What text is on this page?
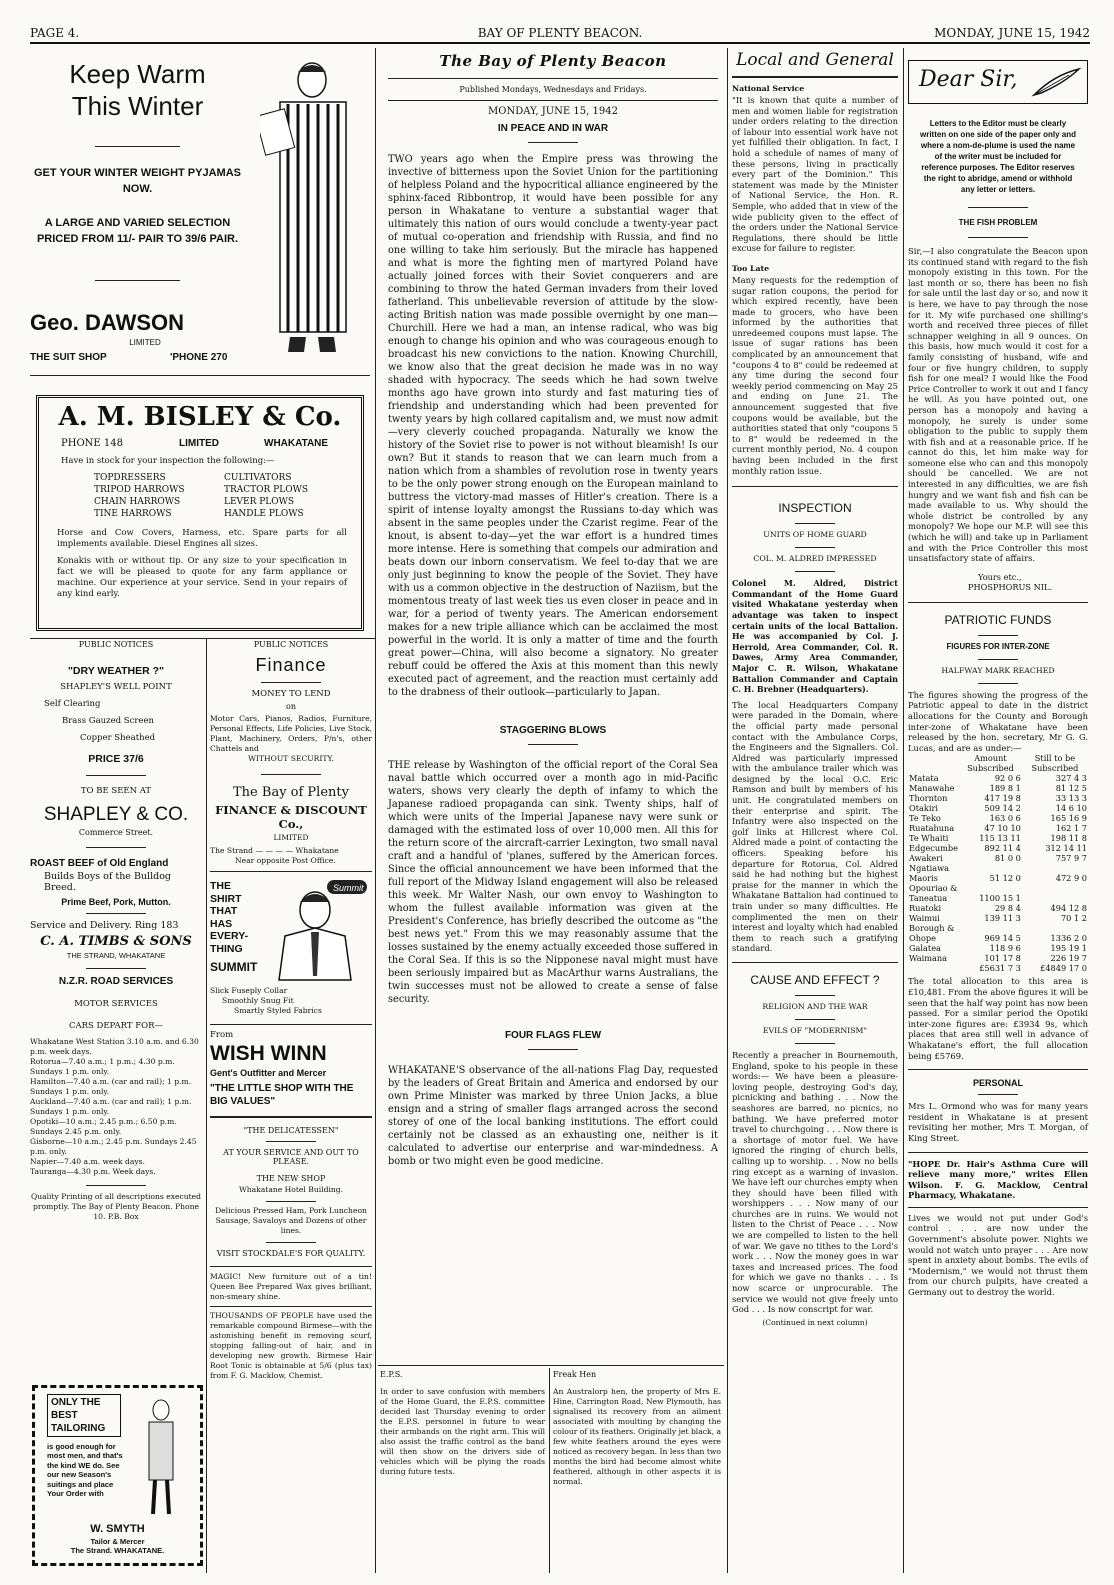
PAGE 4.	BAY OF PLENTY BEACON.	MONDAY, JUNE 15, 1942
Keep Warm
This Winter
GET YOUR WINTER WEIGHT PYJAMAS NOW.
A LARGE AND VARIED SELECTION PRICED FROM 11/- PAIR TO 39/6 PAIR.
Geo. DAWSON
LIMITED
THE SUIT SHOP	'PHONE 270
A. M. BISLEY & Co.
PHONE 148	LIMITED	WHAKATANE
Have in stock for your inspection the following:—
TOPDRESSERS
TRIPOD HARROWS
CHAIN HARROWS
TINE HARROWS
CULTIVATORS
TRACTOR PLOWS
LEVER PLOWS
HANDLE PLOWS
Horse and Cow Covers, Harness, etc. Spare parts for all implements available. Diesel Engines all sizes.
Konakis with or without tip. Or any size to your specification in fact we will be pleased to quote for any farm appliance or machine. Our experience at your service. Send in your repairs of any kind early.
PUBLIC NOTICES
"DRY WEATHER ?"
SHAPLEY'S WELL POINT
Self Clearing
Brass Gauzed Screen
Copper Sheathed
PRICE 37/6
TO BE SEEN AT
SHAPLEY & CO.
Commerce Street.
ROAST BEEF of Old England
Builds Boys of the Bulldog Breed.
Prime Beef, Pork, Mutton.
Service and Delivery. Ring 183
C. A. TIMBS & SONS
THE STRAND, WHAKATANE
N.Z.R. ROAD SERVICES
MOTOR SERVICES
CARS DEPART FOR—
Whakatane West Station 3.10 a.m. and 6.30 p.m. week days.
Rotorua—7.40 a.m.; 1 p.m.; 4.30 p.m. Sundays 1 p.m. only.
Hamilton—7.40 a.m. (car and rail); 1 p.m. Sundays 1 p.m. only.
Auckland—7.40 a.m. (car and rail); 1 p.m. Sundays 1 p.m. only.
Opotiki—10 a.m.; 2.45 p.m.; 6.50 p.m. Sundays 2.45 p.m. only.
Gisborne—10 a.m.; 2.45 p.m. Sundays 2.45 p.m. only.
Napier—7.40 a.m. week days.
Tauranga—4.30 p.m. Week days.
Quality Printing of all descriptions executed promptly. The Bay of Plenty Beacon. Phone 10. P.B. Box
ONLY THE
BEST
TAILORING
is good enough for most men, and that's the kind WE do. See our new Season's suitings and place Your Order with
W. SMYTH
Tailor & Mercer
The Strand. WHAKATANE.
PUBLIC NOTICES
Finance
MONEY TO LEND
on
Motor Cars, Pianos, Radios, Furniture, Personal Effects, Life Policies, Live Stock, Plant, Machinery, Orders, P/n's, other Chattels and
WITHOUT SECURITY.
The Bay of Plenty
FINANCE & DISCOUNT Co.,
LIMITED
The Strand — — — — Whakatane
Near opposite Post Office.
THE
SHIRT
THAT
HAS
EVERY-
THING
SUMMIT
Summit
Slick Fuseply Collar
Smoothly Snug Fit
Smartly Styled Fabrics
From
WISH WINN
Gent's Outfitter and Mercer
"THE LITTLE SHOP WITH THE BIG VALUES"
"THE DELICATESSEN"
AT YOUR SERVICE AND OUT TO PLEASE.
THE NEW SHOP
Whakatane Hotel Building.
Delicious Pressed Ham, Pork Luncheon Sausage, Savaloys and Dozens of other lines.
VISIT STOCKDALE'S FOR QUALITY.
MAGIC! New furniture out of a tin! Queen Bee Prepared Wax gives brilliant, non-smeary shine.
THOUSANDS OF PEOPLE have used the remarkable compound Birmese—with the astonishing benefit in removing scurf, stopping falling-out of hair, and in developing new growth. Birmese Hair Root Tonic is obtainable at 5/6 (plus tax) from F. G. Macklow, Chemist.
The Bay of Plenty Beacon
Published Mondays, Wednesdays and Fridays.
MONDAY, JUNE 15, 1942
IN PEACE AND IN WAR
TWO years ago when the Empire press was throwing the invective of bitterness upon the Soviet Union for the partitioning of helpless Poland and the hypocritical alliance engineered by the sphinx-faced Ribbontrop, it would have been possible for any person in Whakatane to venture a substantial wager that ultimately this nation of ours would conclude a twenty-year pact of mutual co-operation and friendship with Russia, and find no one willing to take him seriously. But the miracle has happened and what is more the fighting men of martyred Poland have actually joined forces with their Soviet conquerers and are combining to throw the hated German invaders from their loved fatherland. This unbelievable reversion of attitude by the slow-acting British nation was made possible overnight by one man—Churchill. Here we had a man, an intense radical, who was big enough to change his opinion and who was courageous enough to broadcast his new convictions to the nation. Knowing Churchill, we know also that the great decision he made was in no way shaded with hypocracy. The seeds which he had sown twelve months ago have grown into sturdy and fast maturing ties of friendship and understanding which had been prevented for twenty years by high collared capitalism and, we must now admit—very cleverly couched propaganda. Naturally we know the history of the Soviet rise to power is not without bleamish! Is our own? But it stands to reason that we can learn much from a nation which from a shambles of revolution rose in twenty years to be the only power strong enough on the European mainland to buttress the victory-mad masses of Hitler's creation. There is a spirit of intense loyalty amongst the Russians to-day which was absent in the same peoples under the Czarist regime. Fear of the knout, is absent to-day—yet the war effort is a hundred times more intense. Here is something that compels our admiration and beats down our inborn conservatism. We feel to-day that we are only just beginning to know the people of the Soviet. They have with us a common objective in the destruction of Naziism, but the momentous treaty of last week ties us even closer in peace and in war, for a period of twenty years. The American endorsement makes for a new triple alliance which can be acclaimed the most powerful in the world. It is only a matter of time and the fourth great power—China, will also become a signatory. No greater rebuff could be offered the Axis at this moment than this newly executed pact of agreement, and the reaction must certainly add to the drabness of their outlook—particularly to Japan.
STAGGERING BLOWS
THE release by Washington of the official report of the Coral Sea naval battle which occurred over a month ago in mid-Pacific waters, shows very clearly the depth of infamy to which the Japanese radioed propaganda can sink. Twenty ships, half of which were units of the Imperial Japanese navy were sunk or damaged with the estimated loss of over 10,000 men. All this for the return score of the aircraft-carrier Lexington, two small naval craft and a handful of 'planes, suffered by the American forces. Since the official announcement we have been informed that the full report of the Midway Island engagement will also be released this week. Mr Walter Nash, our own envoy to Washington to whom the fullest available information was given at the President's Conference, has briefly described the outcome as "the best news yet." From this we may reasonably assume that the losses sustained by the enemy actually exceeded those suffered in the Coral Sea. If this is so the Nipponese naval might must have been seriously impaired but as MacArthur warns Australians, the twin successes must not be allowed to create a sense of false security.
FOUR FLAGS FLEW
WHAKATANE'S observance of the all-nations Flag Day, requested by the leaders of Great Britain and America and endorsed by our own Prime Minister was marked by three Union Jacks, a blue ensign and a string of smaller flags arranged across the second storey of one of the local banking institutions. The effort could certainly not be classed as an exhausting one, neither is it calculated to advertise our enterprise and war-mindedness. A bomb or two might even be good medicine.
E.P.S.
In order to save confusion with members of the Home Guard, the E.P.S. committee decided last Thursday evening to order the E.P.S. personnel in future to wear their armbands on the right arm. This will also assist the traffic control as the band will then show on the drivers side of vehicles which will be plying the roads during future tests.
Freak Hen
An Australorp hen, the property of Mrs E. Hine, Carrington Road, New Plymouth, has signalised its recovery from an ailment associated with moulting by changing the colour of its feathers. Originally jet black, a few white feathers around the eyes were noticed as recovery began. In less than two months the bird had become almost white feathered, although in other aspects it is normal.
Local and General
National Service
"It is known that quite a number of men and women liable for registration under orders relating to the direction of labour into essential work have not yet fulfilled their obligation. In fact, I hold a schedule of names of many of these persons, living in practically every part of the Dominion." This statement was made by the Minister of National Service, the Hon. R. Semple, who added that in view of the wide publicity given to the effect of the orders under the National Service Regulations, there should be little excuse for failure to register.
Too Late
Many requests for the redemption of sugar ration coupons, the period for which expired recently, have been made to grocers, who have been informed by the authorities that unredeemed coupons must lapse. The issue of sugar rations has been complicated by an announcement that "coupons 4 to 8" could be redeemed at any time during the second four weekly period commencing on May 25 and ending on June 21. The announcement suggested that five coupons would be available, but the authorities stated that only "coupons 5 to 8" would be redeemed in the current monthly period, No. 4 coupon having been included in the first monthly ration issue.
INSPECTION
UNITS OF HOME GUARD
COL. M. ALDRED IMPRESSED
Colonel M. Aldred, District Commandant of the Home Guard visited Whakatane yesterday when advantage was taken to inspect certain units of the local Battalion. He was accompanied by Col. J. Herrold, Area Commander, Col. R. Dawes, Army Area Commander, Major C. R. Wilson, Whakatane Battalion Commander and Captain C. H. Brebner (Headquarters).
The local Headquarters Company were paraded in the Domain, where the official party made personal contact with the Ambulance Corps, the Engineers and the Signallers. Col. Aldred was particularly impressed with the ambulance trailer which was designed by the local O.C. Eric Ramson and built by members of his unit. He congratulated members on their enterprise and spirit. The Infantry were also inspected on the golf links at Hillcrest where Col. Aldred made a point of contacting the officers. Speaking before his departure for Rotorua, Col. Aldred said he had nothing but the highest praise for the manner in which the Whakatane Battalion had continued to train under so many difficulties. He complimented the men on their interest and loyalty which had enabled them to reach such a gratifying standard.
CAUSE AND EFFECT ?
RELIGION AND THE WAR
EVILS OF "MODERNISM"
Recently a preacher in Bournemouth, England, spoke to his people in these words:— We have been a pleasure-loving people, destroying God's day, picnicking and bathing . . . Now the seashores are barred, no picnics, no bathing. We have preferred motor travel to churchgoing . . . Now there is a shortage of motor fuel. We have ignored the ringing of church bells, calling up to worship. . . Now no bells ring except as a warning of invasion. We have left our churches empty when they should have been filled with worshippers . . . Now many of our churches are in ruins. We would not listen to the Christ of Peace . . . Now we are compelled to listen to the hell of war. We gave no tithes to the Lord's work . . . Now the money goes in war taxes and increased prices. The food for which we gave no thanks . . . Is now scarce or unprocurable. The service we would not give freely unto God . . . Is now conscript for war.
(Continued in next column)
Dear Sir,
Letters to the Editor must be clearly written on one side of the paper only and where a nom-de-plume is used the name of the writer must be included for reference purposes. The Editor reserves the right to abridge, amend or withhold any letter or letters.
THE FISH PROBLEM
Sir,—I also congratulate the Beacon upon its continued stand with regard to the fish monopoly existing in this town. For the last month or so, there has been no fish for sale until the last day or so, and now it is here, we have to pay through the nose for it. My wife purchased one shilling's worth and received three pieces of fillet schnapper weighing in all 9 ounces. On this basis, how much would it cost for a family consisting of husband, wife and four or five hungry children, to supply fish for one meal? I would like the Food Price Controller to work it out and I fancy he will. As you have pointed out, one person has a monopoly and having a monopoly, he surely is under some obligation to the public to supply them with fish and at a reasonable price. If he cannot do this, let him make way for someone else who can and this monopoly should be cancelled. We are not interested in any difficulties, we are fish hungry and we want fish and fish can be made available to us. Why should the whole district be controlled by any monopoly? We hope our M.P. will see this (which he will) and take up in Parliament and with the Price Controller this most unsatisfactory state of affairs.
Yours etc.,
PHOSPHORUS NIL.
PATRIOTIC FUNDS
FIGURES FOR INTER-ZONE
HALFWAY MARK REACHED
The figures showing the progress of the Patriotic appeal to date in the district allocations for the County and Borough inter-zone of Whakatane have been released by the hon. secretary, Mr G. G. Lucas, and are as under:—
	Amount Subscribed	Still to be Subscribed
Matata	92 0 6	327 4 3
Manawahe	189 8 1	81 12 5
Thornton	417 19 8	33 13 3
Otakiri	509 14 2	14 6 10
Te Teko	163 0 6	165 16 9
Ruatahuna	47 10 10	162 1 7
Te Whaiti	115 13 11	198 11 8
Edgecumbe	892 11 4	312 14 11
Awakeri	81 0 0	757 9 7
Ngatiawa		
Maoris	51 12 0	472 9 0
Opouriao &		
Taneatua	1100 15 1	
Ruatoki	29 8 4	494 12 8
Waimui	139 11 3	70 1 2
Borough &		
Ohope	969 14 5	1336 2 0
Galatea	118 9 6	195 19 1
Waimana	101 17 8	226 19 7
	£5631 7 3	£4849 17 0
The total allocation to this area is £10,481. From the above figures it will be seen that the half way point has now been passed. For a similar period the Opotiki inter-zone figures are: £3934 9s, which places that area still well in advance of Whakatane's effort, the full allocation being £5769.
PERSONAL
Mrs L. Ormond who was for many years resident in Whakatane is at present revisiting her mother, Mrs T. Morgan, of King Street.
"HOPE Dr. Hair's Asthma Cure will relieve many more," writes Ellen Wilson. F. G. Macklow, Central Pharmacy, Whakatane.
Lives we would not put under God's control . . . are now under the Government's absolute power. Nights we would not watch unto prayer . . . Are now spent in anxiety about bombs. The evils of "Modernism," we would not thrust them from our church pulpits, have created a Germany out to destroy the world.
